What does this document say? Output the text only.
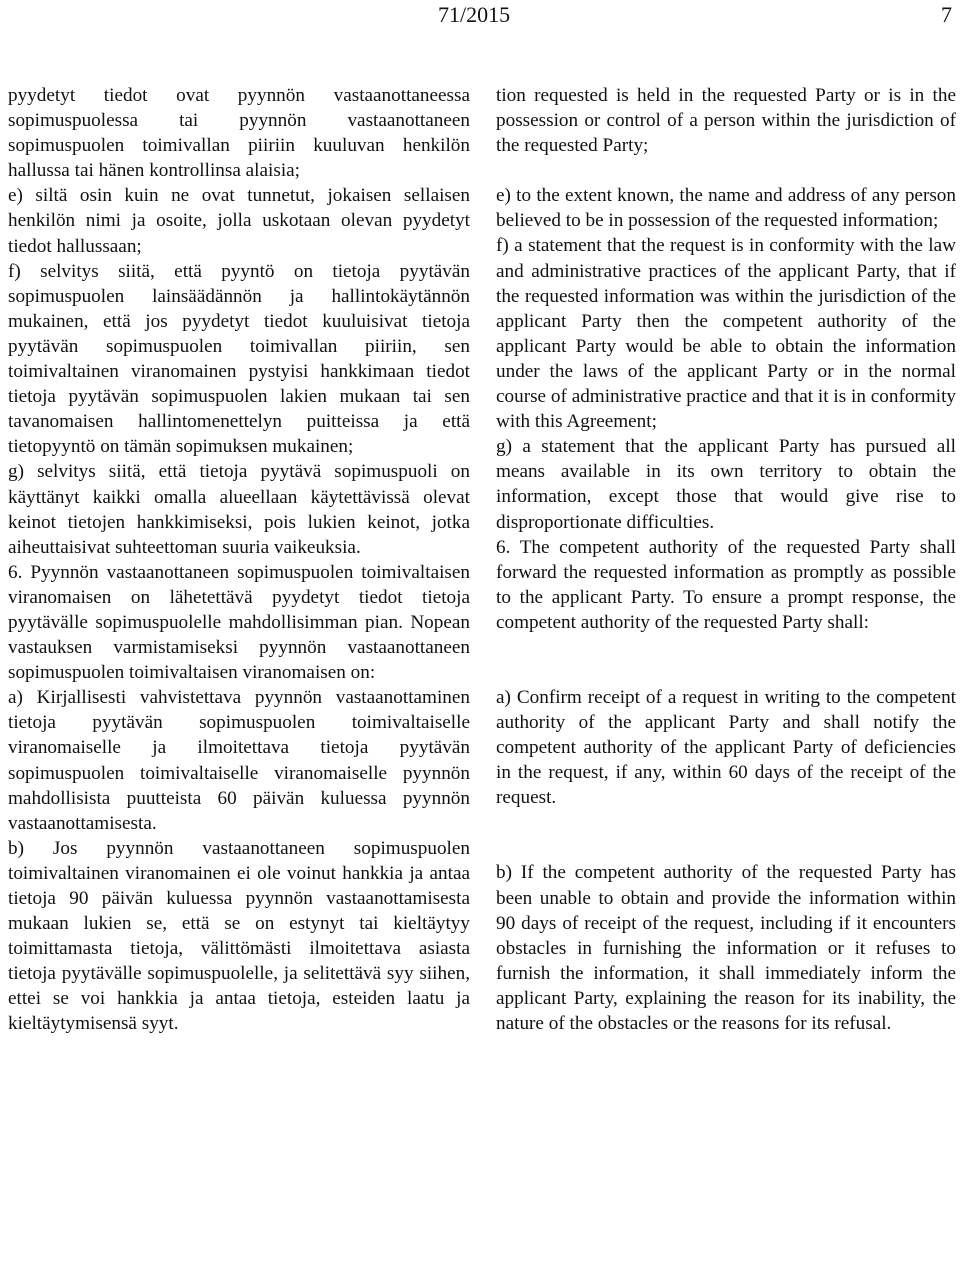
71/2015	7

pyydetyt tiedot ovat pyynnön vastaanottaneessa sopimuspuolessa tai pyynnön vastaanottaneen sopimuspuolen toimivallan piiriin kuuluvan henkilön hallussa tai hänen kontrollinsa alaisia;

e) siltä osin kuin ne ovat tunnetut, jokaisen sellaisen henkilön nimi ja osoite, jolla uskotaan olevan pyydetyt tiedot hallussaan;

f) selvitys siitä, että pyyntö on tietoja pyytävän sopimuspuolen lainsäädännön ja hallintokäytännön mukainen, että jos pyydetyt tiedot kuuluisivat tietoja pyytävän sopimuspuolen toimivallan piiriin, sen toimivaltainen viranomainen pystyisi hankkimaan tiedot tietoja pyytävän sopimuspuolen lakien mukaan tai sen tavanomaisen hallintomenettelyn puitteissa ja että tietopyyntö on tämän sopimuksen mukainen;

g) selvitys siitä, että tietoja pyytävä sopimuspuoli on käyttänyt kaikki omalla alueellaan käytettävissä olevat keinot tietojen hankkimiseksi, pois lukien keinot, jotka aiheuttaisivat suhteettoman suuria vaikeuksia.

6. Pyynnön vastaanottaneen sopimuspuolen toimivaltaisen viranomaisen on lähetettävä pyydetyt tiedot tietoja pyytävälle sopimuspuolelle mahdollisimman pian. Nopean vastauksen varmistamiseksi pyynnön vastaanottaneen sopimuspuolen toimivaltaisen viranomaisen on:

a) Kirjallisesti vahvistettava pyynnön vastaanottaminen tietoja pyytävän sopimuspuolen toimivaltaiselle viranomaiselle ja ilmoitettava tietoja pyytävän sopimuspuolen toimivaltaiselle viranomaiselle pyynnön mahdollisista puutteista 60 päivän kuluessa pyynnön vastaanottamisesta.

b) Jos pyynnön vastaanottaneen sopimuspuolen toimivaltainen viranomainen ei ole voinut hankkia ja antaa tietoja 90 päivän kuluessa pyynnön vastaanottamisesta mukaan lukien se, että se on estynyt tai kieltäytyy toimittamasta tietoja, välittömästi ilmoitettava asiasta tietoja pyytävälle sopimuspuolelle, ja selitettävä syy siihen, ettei se voi hankkia ja antaa tietoja, esteiden laatu ja kieltäytymisensä syyt.

tion requested is held in the requested Party or is in the possession or control of a person within the jurisdiction of the requested Party;

e) to the extent known, the name and address of any person believed to be in possession of the requested information;

f) a statement that the request is in conformity with the law and administrative practices of the applicant Party, that if the requested information was within the jurisdiction of the applicant Party then the competent authority of the applicant Party would be able to obtain the information under the laws of the applicant Party or in the normal course of administrative practice and that it is in conformity with this Agreement;

g) a statement that the applicant Party has pursued all means available in its own territory to obtain the information, except those that would give rise to disproportionate difficulties.

6. The competent authority of the requested Party shall forward the requested information as promptly as possible to the applicant Party. To ensure a prompt response, the competent authority of the requested Party shall:

a) Confirm receipt of a request in writing to the competent authority of the applicant Party and shall notify the competent authority of the applicant Party of deficiencies in the request, if any, within 60 days of the receipt of the request.

b) If the competent authority of the requested Party has been unable to obtain and provide the information within 90 days of receipt of the request, including if it encounters obstacles in furnishing the information or it refuses to furnish the information, it shall immediately inform the applicant Party, explaining the reason for its inability, the nature of the obstacles or the reasons for its refusal.
